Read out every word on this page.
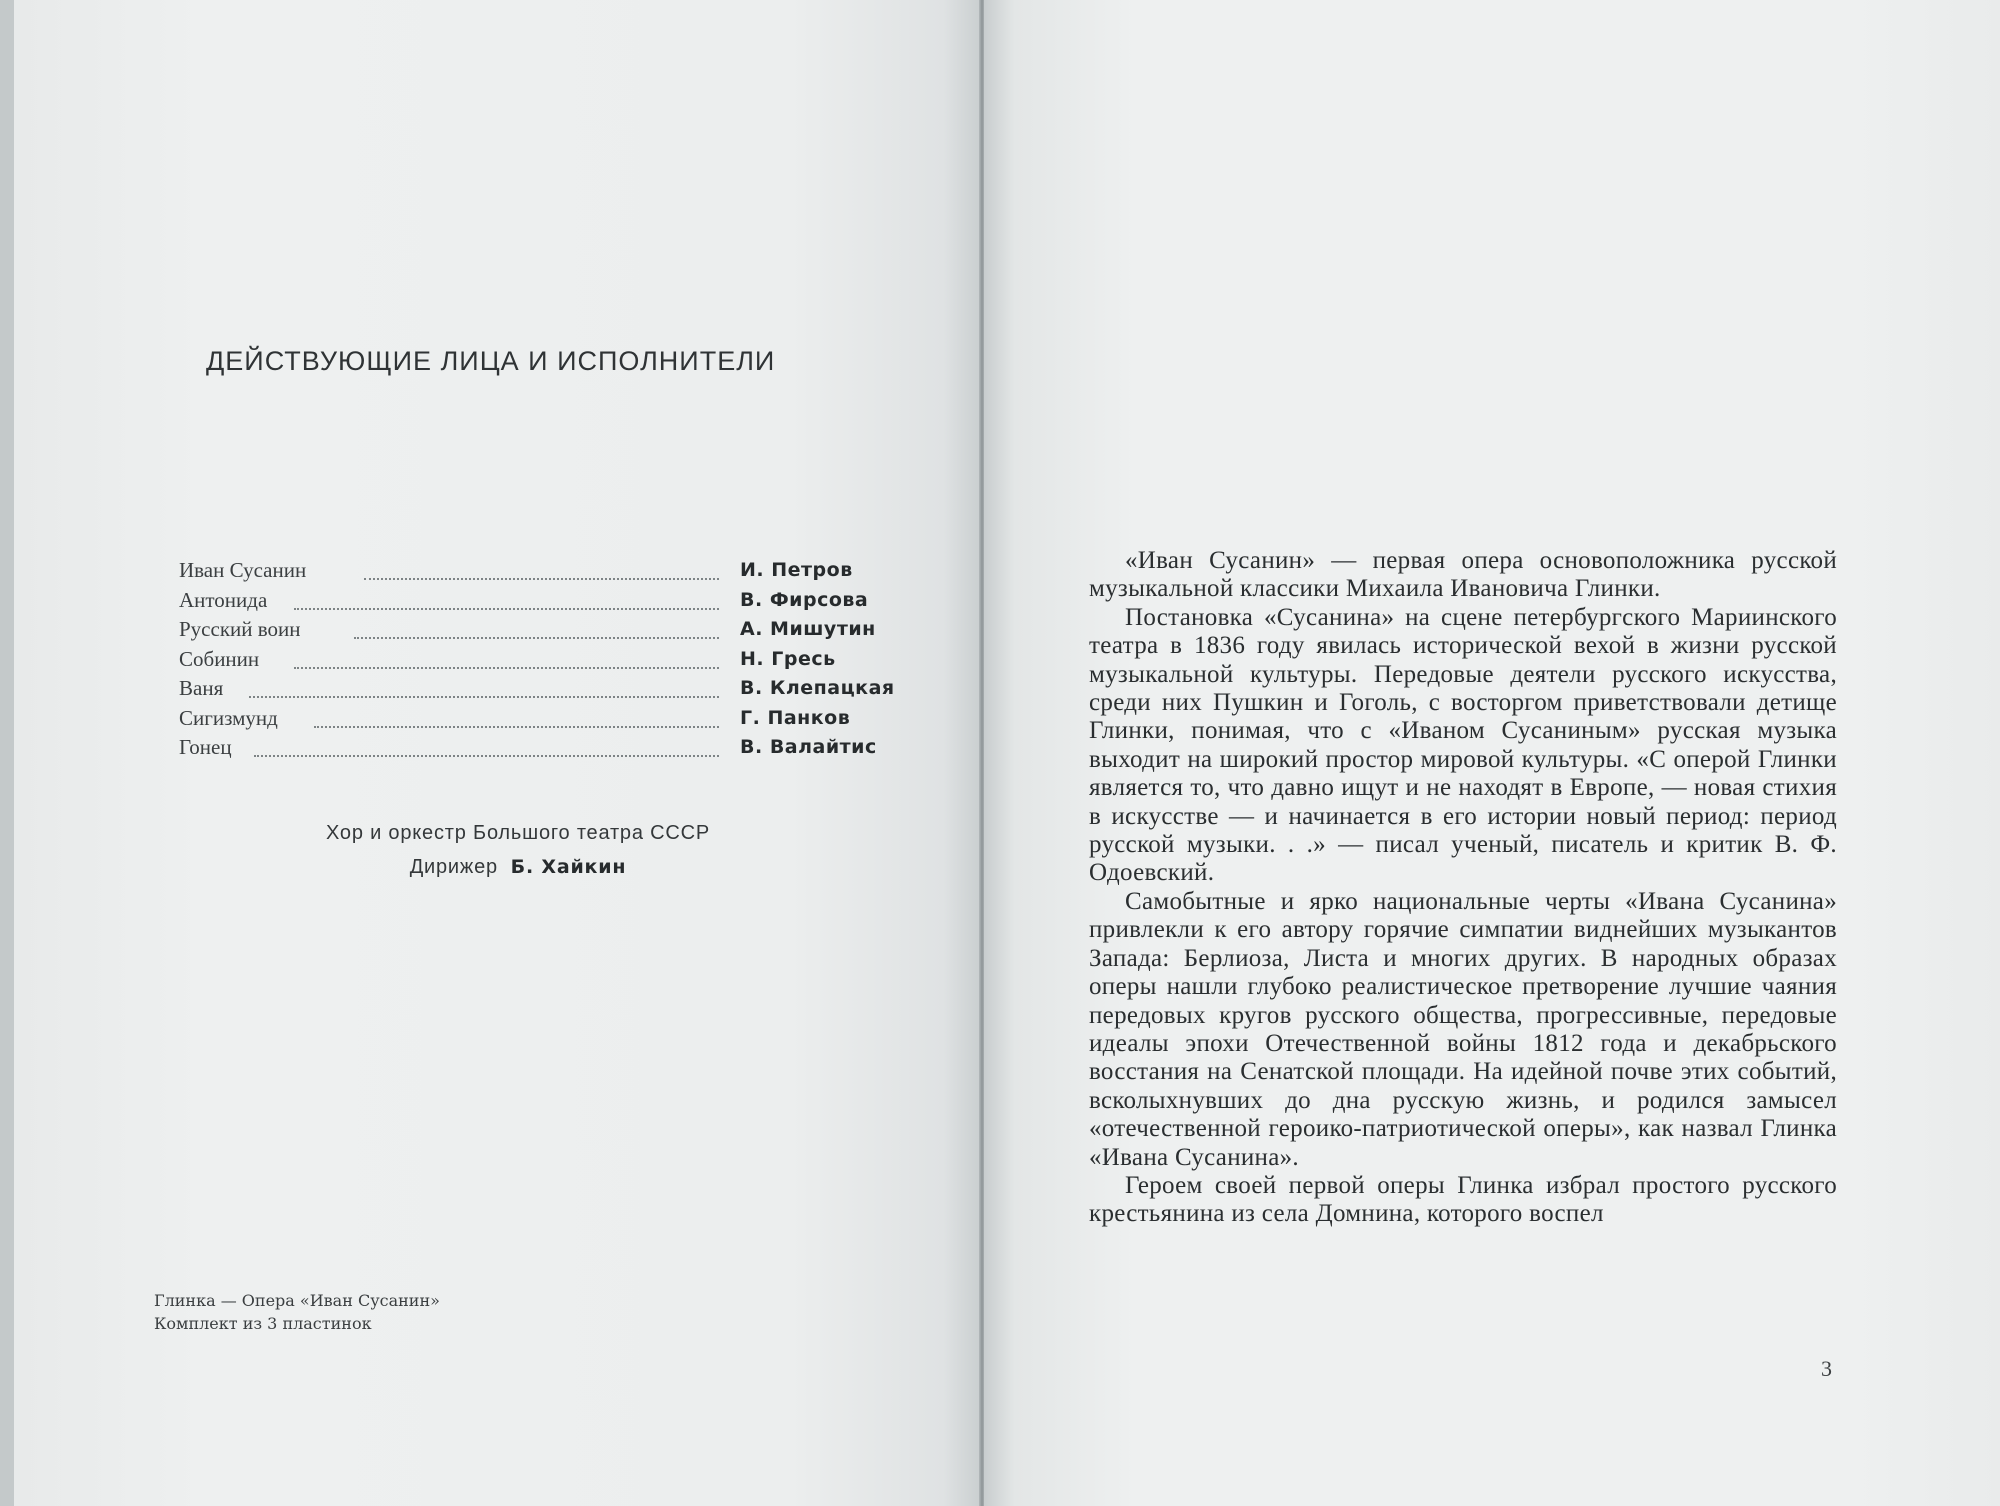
ДЕЙСТВУЮЩИЕ ЛИЦА И ИСПОЛНИТЕЛИ
Иван Сусанин	И. Петров
Антонида	В. Фирсова
Русский воин	А. Мишутин
Собинин	Н. Гресь
Ваня	В. Клепацкая
Сигизмунд	Г. Панков
Гонец	В. Валайтис
Хор и оркестр Большого театра СССР
Дирижер Б. Хайкин
Глинка — Опера «Иван Сусанин»
Комплект из 3 пластинок

«Иван Сусанин» — первая опера основоположника русской музыкальной классики Михаила Ивановича Глинки.

Постановка «Сусанина» на сцене петербургского Мариинского театра в 1836 году явилась исторической вехой в жизни русской музыкальной культуры. Передовые деятели русского искусства, среди них Пушкин и Гоголь, с восторгом приветствовали детище Глинки, понимая, что с «Иваном Сусаниным» русская музыка выходит на широкий простор мировой культуры. «С оперой Глинки является то, что давно ищут и не находят в Европе, — новая стихия в искусстве — и начинается в его истории новый период: период русской музыки. . .» — писал ученый, писатель и критик В. Ф. Одоевский.

Самобытные и ярко национальные черты «Ивана Сусанина» привлекли к его автору горячие симпатии виднейших музыкантов Запада: Берлиоза, Листа и многих других. В народных образах оперы нашли глубоко реалистическое претворение лучшие чаяния передовых кругов русского общества, прогрессивные, передовые идеалы эпохи Отечественной войны 1812 года и декабрьского восстания на Сенатской площади. На идейной почве этих событий, всколыхнувших до дна русскую жизнь, и родился замысел «отечественной героико-патриотической оперы», как назвал Глинка «Ивана Сусанина».

Героем своей первой оперы Глинка избрал простого русского крестьянина из села Домнина, которого воспел

3
